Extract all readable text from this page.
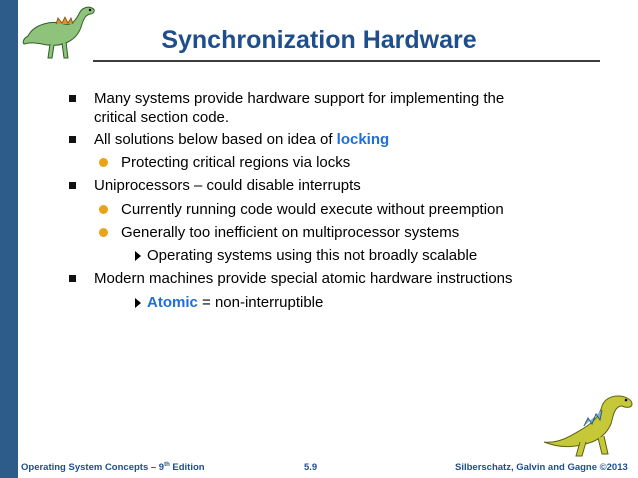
Synchronization Hardware
Many systems provide hardware support for implementing the
critical section code.
All solutions below based on idea of locking
Protecting critical regions via locks
Uniprocessors – could disable interrupts
Currently running code would execute without preemption
Generally too inefficient on multiprocessor systems
Operating systems using this not broadly scalable
Modern machines provide special atomic hardware instructions
Atomic = non-interruptible
Operating System Concepts – 9th Edition	5.9	Silberschatz, Galvin and Gagne ©2013
